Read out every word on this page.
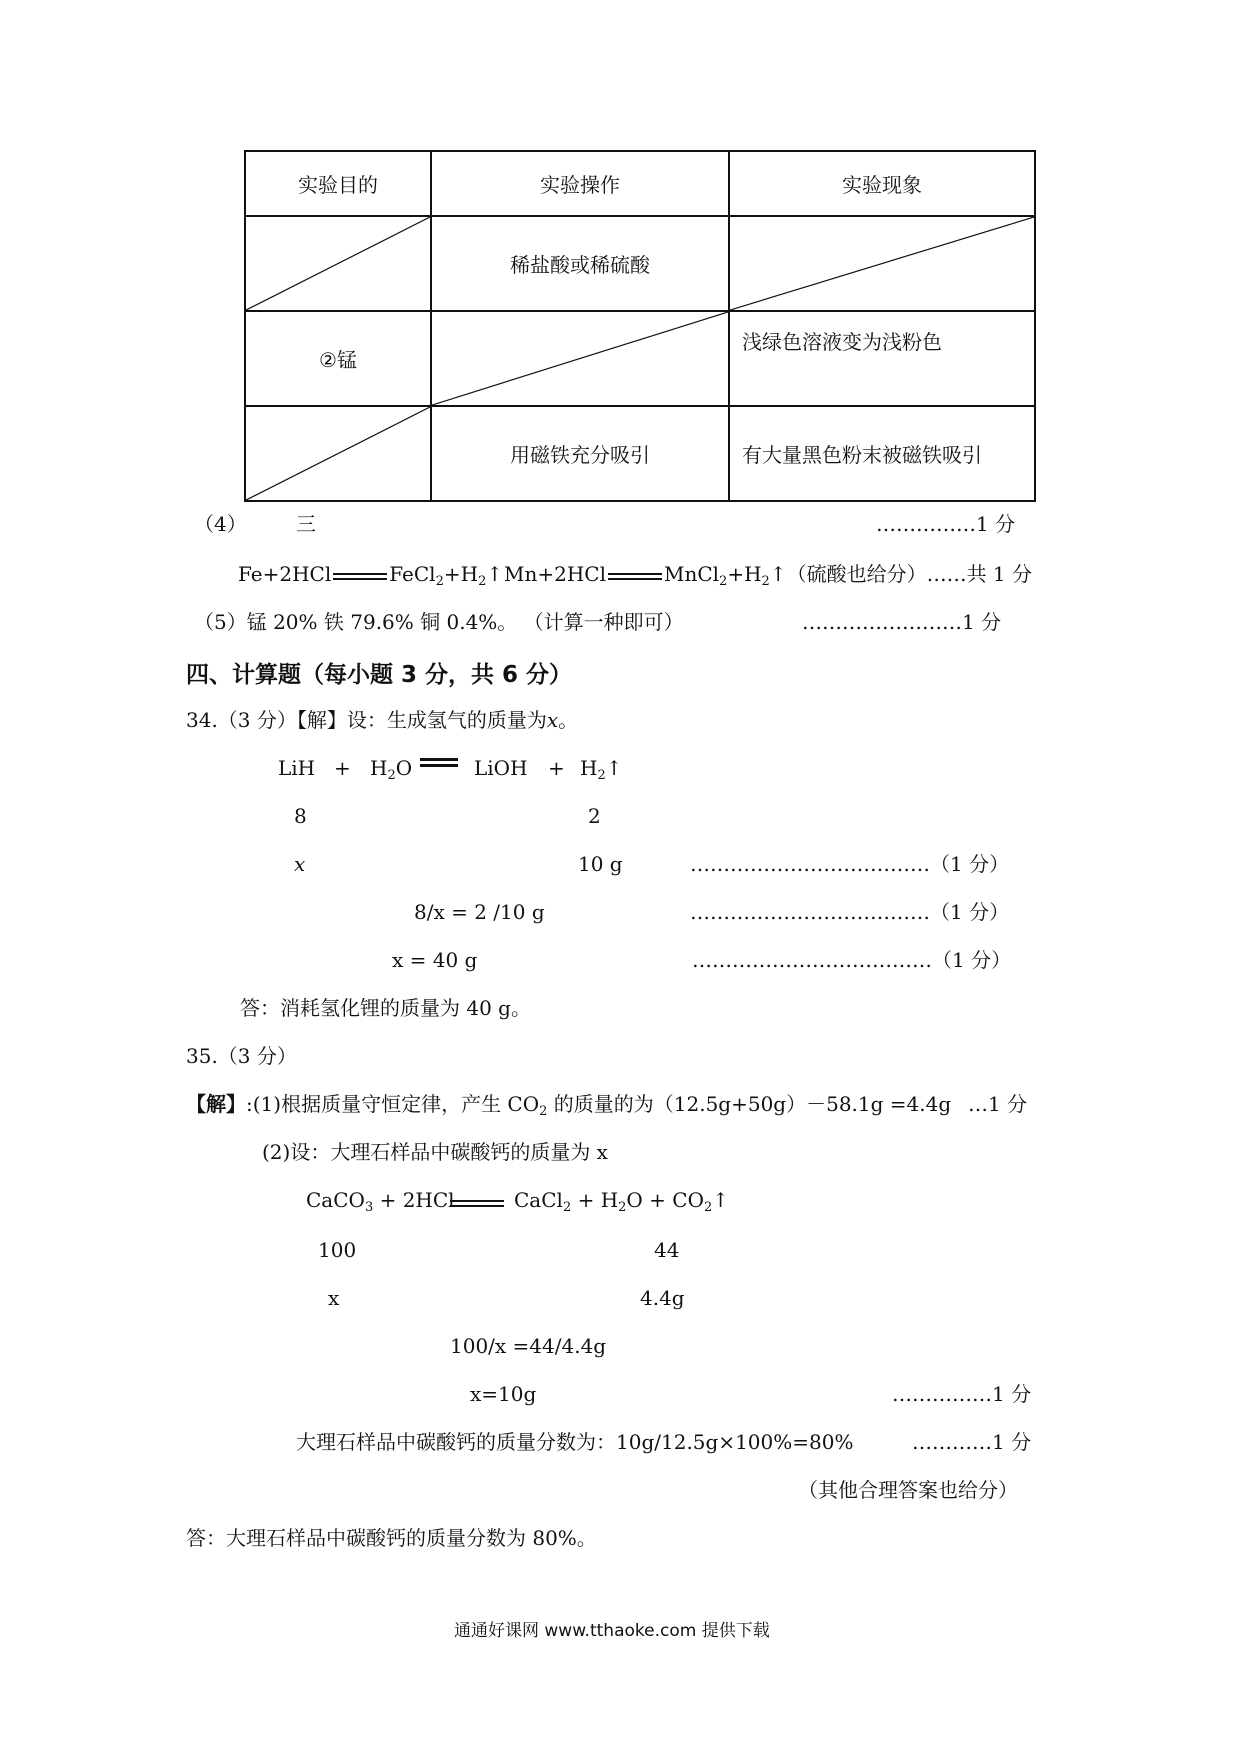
实验目的	实验操作	实验现象

	稀盐酸或稀硫酸	

②锰		浅绿色溶液变为浅粉色

	用磁铁充分吸引	有大量黑色粉末被磁铁吸引
（4） 三	……………1 分
Fe+2HCl	$FeCl_2+H_2↑$ Mn+2HCl	$MnCl_2+H_2↑$（硫酸也给分）……共 1 分
（5）锰 20% 铁 79.6% 铜 0.4%。 （计算一种即可）	……………………1 分
四、计算题（每小题 3 分，共 6 分）
34.（3 分）【解】设：生成氢气的质量为x。
LiH + $H_2O$	LiOH + $H_2↑$
8	2
x	10 g	………………………………（1 分）
8/x = 2 /10 g	………………………………（1 分）
x = 40 g	………………………………（1 分）
答：消耗氢化锂的质量为 40 g。
35.（3 分）
【解】:(1)根据质量守恒定律，产生 $CO_2$ 的质量的为（12.5g+50g）－58.1g =4.4g …1 分
(2)设：大理石样品中碳酸钙的质量为 x
CaCO$_3$ + 2HCl	CaCl$_2$ + $H_2O$ + $CO_2↑$
100	44
x	4.4g
100/x =44/4.4g
x=10g	……………1 分
大理石样品中碳酸钙的质量分数为：10g/12.5g×100%=80%	…………1 分
（其他合理答案也给分）
答：大理石样品中碳酸钙的质量分数为 80%。
通通好课网 www.tthaoke.com 提供下载
